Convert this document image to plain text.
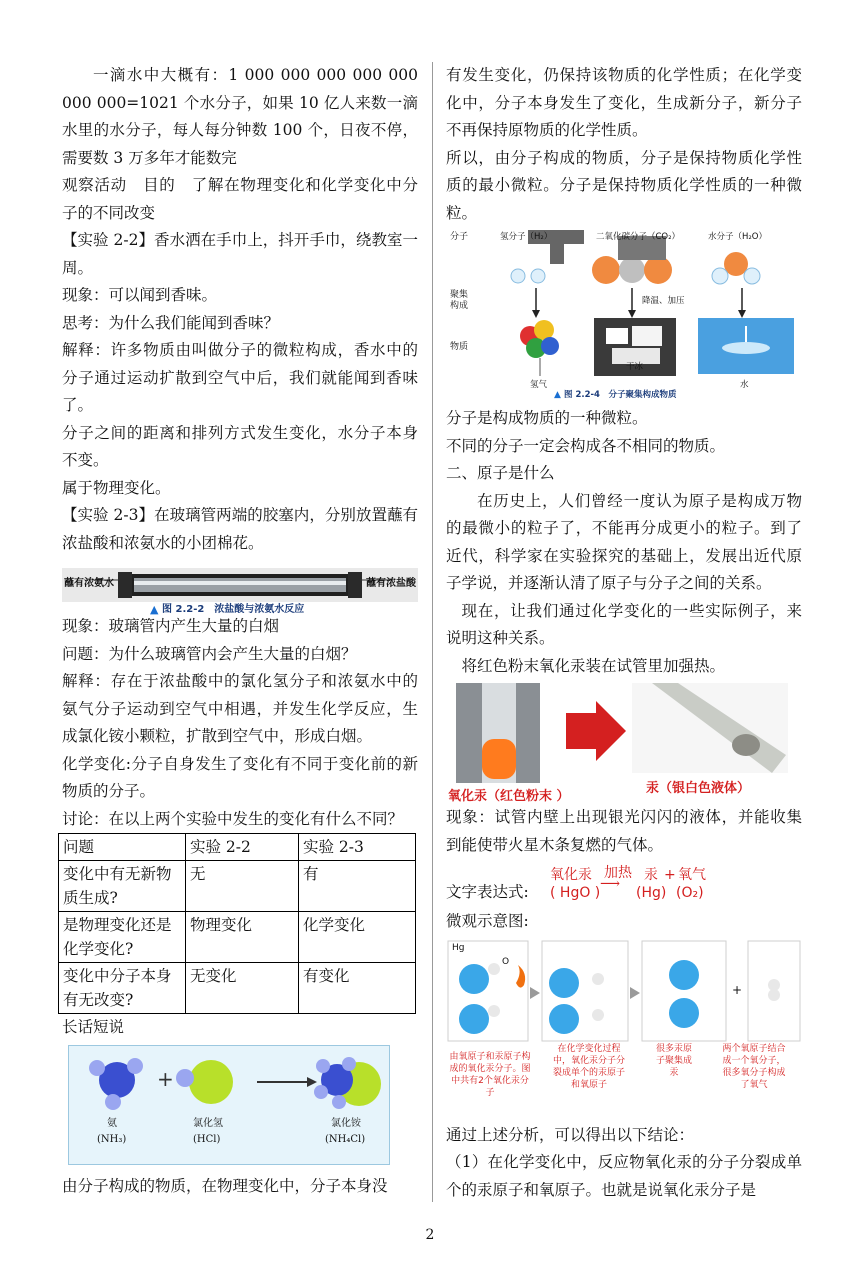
一滴水中大概有：1 000 000 000 000 000 000 000=1021 个水分子，如果 10 亿人来数一滴水里的水分子，每人每分钟数 100 个，日夜不停，需要数 3 万多年才能数完

观察活动　目的　了解在物理变化和化学变化中分子的不同改变

【实验 2-2】香水洒在手巾上，抖开手巾，绕教室一周。

现象：可以闻到香味。

思考：为什么我们能闻到香味？

解释：许多物质由叫做分子的微粒构成，香水中的分子通过运动扩散到空气中后，我们就能闻到香味了。

分子之间的距离和排列方式发生变化，水分子本身不变。

属于物理变化。

【实验 2-3】在玻璃管两端的胶塞内，分别放置蘸有浓盐酸和浓氨水的小团棉花。

蘸有浓氨水	蘸有浓盐酸
▲ 图 2.2-2　浓盐酸与浓氨水反应

现象：玻璃管内产生大量的白烟

问题：为什么玻璃管内会产生大量的白烟？

解释：存在于浓盐酸中的氯化氢分子和浓氨水中的氨气分子运动到空气中相遇，并发生化学反应，生成氯化铵小颗粒，扩散到空气中，形成白烟。

化学变化:分子自身发生了变化有不同于变化前的新物质的分子。

讨论：在以上两个实验中发生的变化有什么不同？

问题	实验 2-2	实验 2-3
变化中有无新物质生成?	无	有
是物理变化还是化学变化?	物理变化	化学变化
变化中分子本身有无改变?	无变化	有变化

长话短说

+
氨
(NH₃)
氯化氢
(HCl)
氯化铵
(NH₄Cl)

由分子构成的物质，在物理变化中，分子本身没

有发生变化，仍保持该物质的化学性质；在化学变化中，分子本身发生了变化，生成新分子，新分子不再保持原物质的化学性质。

所以，由分子构成的物质，分子是保持物质化学性质的最小微粒。分子是保持物质化学性质的一种微粒。

分子
聚集构成
物质
氢分子（H₂）	二氧化碳分子（CO₂）	水分子（H₂O）
降温、加压
氢气
干冰
水
▲ 图 2.2-4　分子聚集构成物质

分子是构成物质的一种微粒。

不同的分子一定会构成各不相同的物质。

二、原子是什么

在历史上，人们曾经一度认为原子是构成万物的最微小的粒子了，不能再分成更小的粒子。到了近代，科学家在实验探究的基础上，发展出近代原子学说，并逐渐认清了原子与分子之间的关系。

现在，让我们通过化学变化的一些实际例子，来说明这种关系。

将红色粉末氧化汞装在试管里加强热。

氧化汞（红色粉末 ）
汞（银白色液体）

现象：试管内壁上出现银光闪闪的液体，并能收集到能使带火星木条复燃的气体。

文字表达式:
氧化汞
( HgO )
加热
⟶
汞
(Hg)
+ 氧气
(O₂)

微观示意图:

Hg
O
+
由氧原子和汞原子构成的氧化汞分子。图中共有2个氧化汞分子
在化学变化过程中，氧化汞分子分裂成单个的汞原子和氧原子
很多汞原子聚集成汞
两个氧原子结合成一个氧分子，很多氧分子构成了氧气

通过上述分析，可以得出以下结论：

（1）在化学变化中，反应物氧化汞的分子分裂成单个的汞原子和氧原子。也就是说氧化汞分子是

2
